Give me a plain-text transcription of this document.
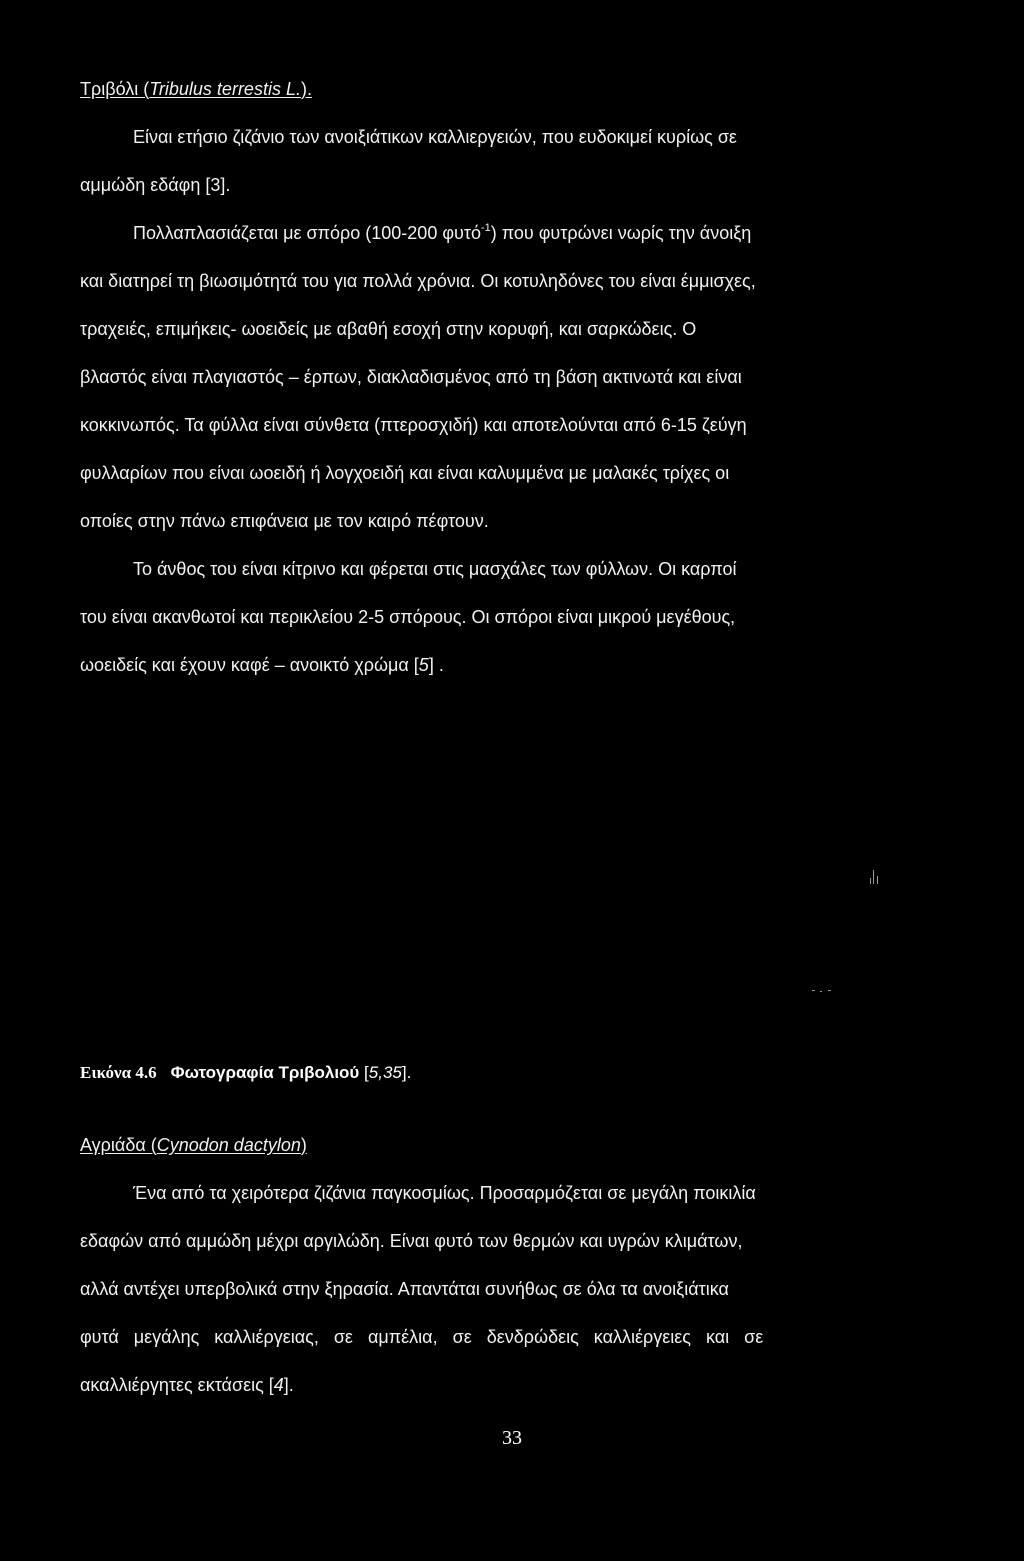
Τριβόλι (Tribulus terrestis L.).
Είναι ετήσιο ζιζάνιο των ανοιξιάτικων καλλιεργειών, που ευδοκιμεί κυρίως σε
αμμώδη εδάφη [3].
Πολλαπλασιάζεται με σπόρο (100-200 φυτό$^{-1}$) που φυτρώνει νωρίς την άνοιξη
και διατηρεί τη βιωσιμότητά του για πολλά χρόνια. Οι κοτυληδόνες του είναι έμμισχες,
τραχειές, επιμήκεις- ωοειδείς με αβαθή εσοχή στην κορυφή, και σαρκώδεις. Ο
βλαστός είναι πλαγιαστός – έρπων, διακλαδισμένος από τη βάση ακτινωτά και είναι
κοκκινωπός. Τα φύλλα είναι σύνθετα (πτεροσχιδή) και αποτελούνται από 6-15 ζεύγη
φυλλαρίων που είναι ωοειδή ή λογχοειδή και είναι καλυμμένα με μαλακές τρίχες οι
οποίες στην πάνω επιφάνεια με τον καιρό πέφτουν.
Το άνθος του είναι κίτρινο και φέρεται στις μασχάλες των φύλλων. Οι καρποί
του είναι ακανθωτοί και περικλείου 2-5 σπόρους. Οι σπόροι είναι μικρού μεγέθους,
ωοειδείς και έχουν καφέ – ανοικτό χρώμα [5] .
Εικόνα 4.6 Φωτογραφία Τριβολιού [5,35].
Αγριάδα (Cynodon dactylon)
Ένα από τα χειρότερα ζιζάνια παγκοσμίως. Προσαρμόζεται σε μεγάλη ποικιλία
εδαφών από αμμώδη μέχρι αργιλώδη. Είναι φυτό των θερμών και υγρών κλιμάτων,
αλλά αντέχει υπερβολικά στην ξηρασία. Απαντάται συνήθως σε όλα τα ανοιξιάτικα
φυτά μεγάλης καλλιέργειας, σε αμπέλια, σε δενδρώδεις καλλιέργειες και σε
ακαλλιέργητες εκτάσεις [4].
33
